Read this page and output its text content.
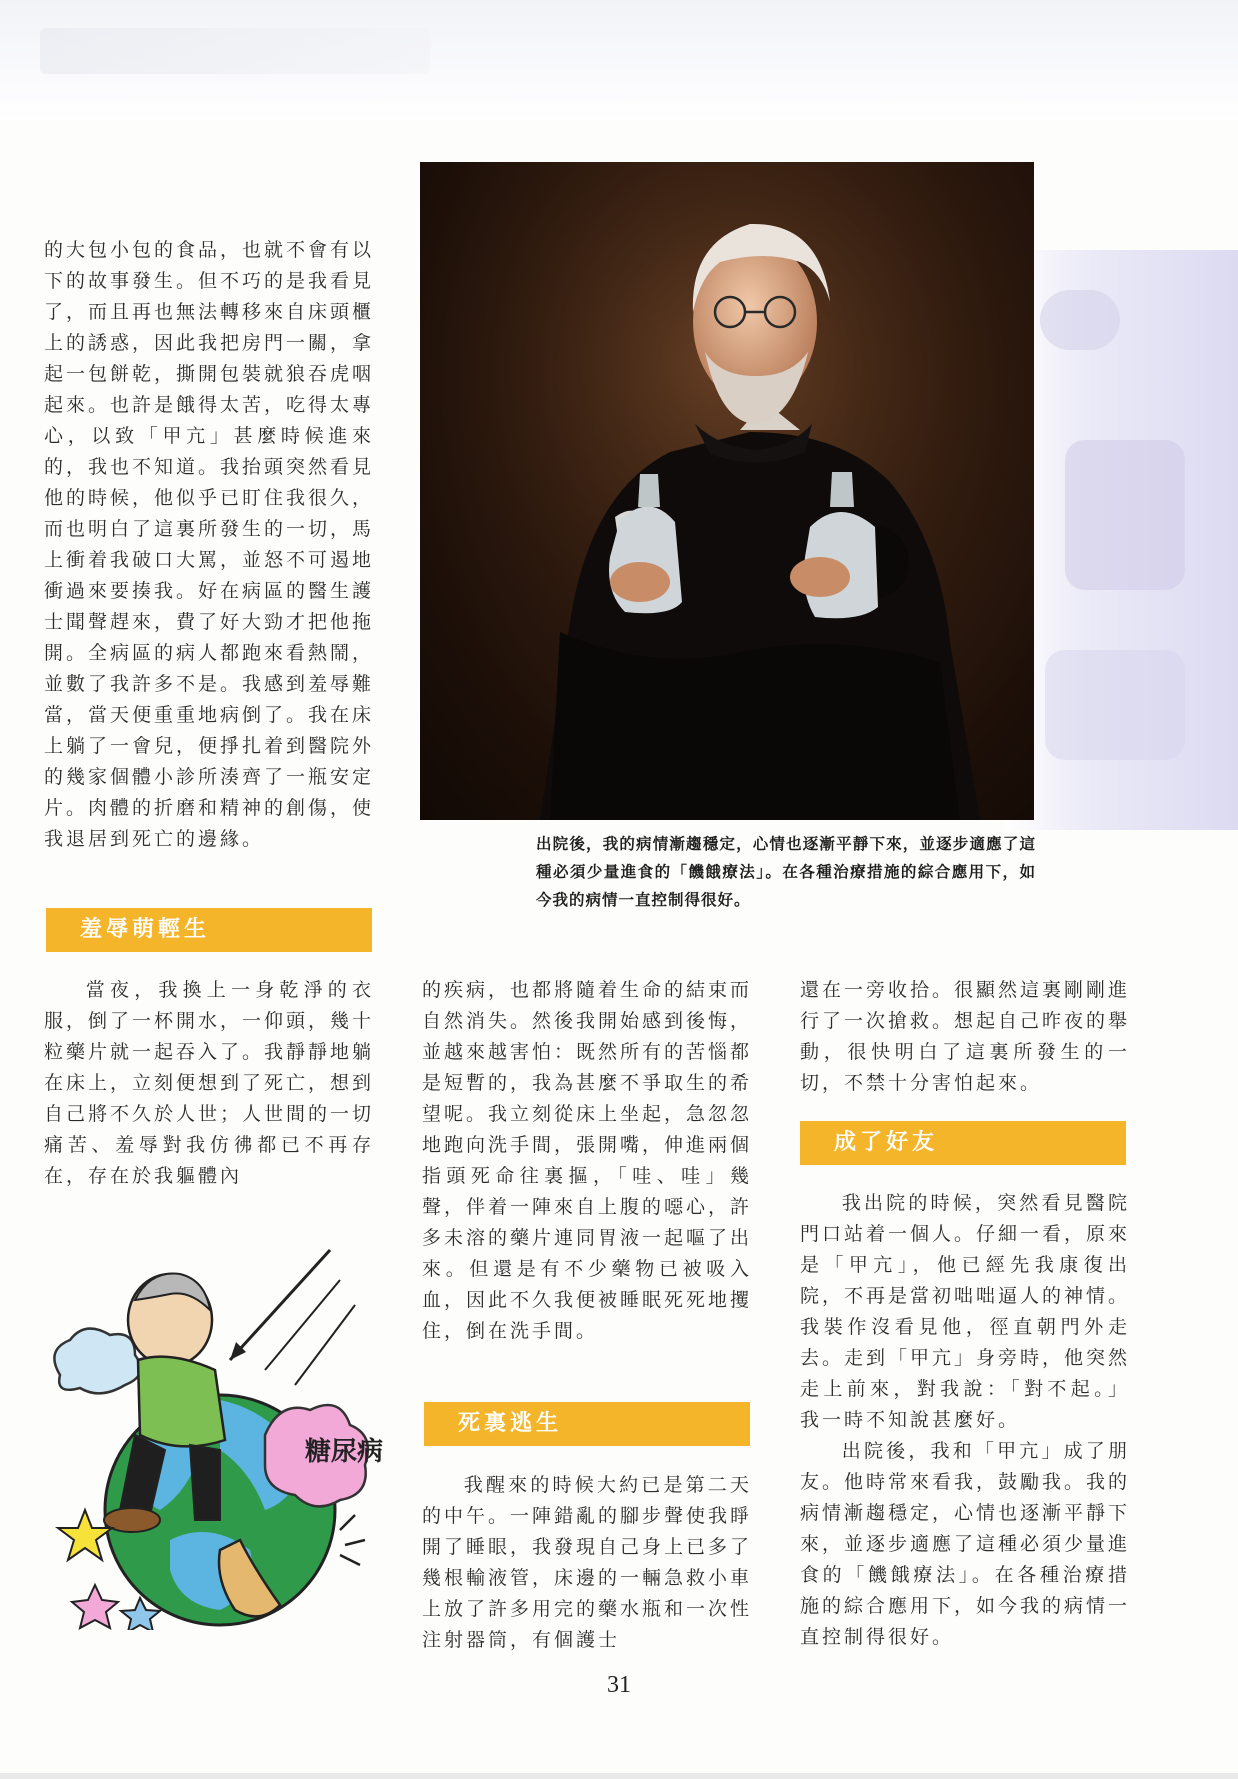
的大包小包的食品，也就不會有以下的故事發生。但不巧的是我看見了，而且再也無法轉移來自床頭櫃上的誘惑，因此我把房門一關，拿起一包餅乾，撕開包裝就狼吞虎咽起來。也許是餓得太苦，吃得太專心，以致「甲亢」甚麼時候進來的，我也不知道。我抬頭突然看見他的時候，他似乎已盯住我很久，而也明白了這裏所發生的一切，馬上衝着我破口大罵，並怒不可遏地衝過來要揍我。好在病區的醫生護士聞聲趕來，費了好大勁才把他拖開。全病區的病人都跑來看熱鬧，並數了我許多不是。我感到羞辱難當，當天便重重地病倒了。我在床上躺了一會兒，便掙扎着到醫院外的幾家個體小診所湊齊了一瓶安定片。肉體的折磨和精神的創傷，使我退居到死亡的邊緣。	出院後，我的病情漸趨穩定，心情也逐漸平靜下來，並逐步適應了這種必須少量進食的「饑餓療法」。在各種治療措施的綜合應用下，如今我的病情一直控制得很好。
羞辱萌輕生

當夜，我換上一身乾淨的衣服，倒了一杯開水，一仰頭，幾十粒藥片就一起吞入了。我靜靜地躺在床上，立刻便想到了死亡，想到自己將不久於人世；人世間的一切痛苦、羞辱對我仿彿都已不再存在，存在於我軀體內

的疾病，也都將隨着生命的結束而自然消失。然後我開始感到後悔，並越來越害怕：既然所有的苦惱都是短暫的，我為甚麼不爭取生的希望呢。我立刻從床上坐起，急忽忽地跑向洗手間，張開嘴，伸進兩個指頭死命往裏摳，「哇、哇」幾聲，伴着一陣來自上腹的噁心，許多未溶的藥片連同胃液一起嘔了出來。但還是有不少藥物已被吸入血，因此不久我便被睡眠死死地攫住，倒在洗手間。

死裏逃生

我醒來的時候大約已是第二天的中午。一陣錯亂的腳步聲使我睜開了睡眼，我發現自己身上已多了幾根輸液管，床邊的一輛急救小車上放了許多用完的藥水瓶和一次性注射器筒，有個護士

還在一旁收拾。很顯然這裏剛剛進行了一次搶救。想起自己昨夜的舉動，很快明白了這裏所發生的一切，不禁十分害怕起來。

成了好友

我出院的時候，突然看見醫院門口站着一個人。仔細一看，原來是「甲亢」，他已經先我康復出院，不再是當初咄咄逼人的神情。我裝作沒看見他，徑直朝門外走去。走到「甲亢」身旁時，他突然走上前來，對我說：「對不起。」我一時不知說甚麼好。

出院後，我和「甲亢」成了朋友。他時常來看我，鼓勵我。我的病情漸趨穩定，心情也逐漸平靜下來，並逐步適應了這種必須少量進食的「饑餓療法」。在各種治療措施的綜合應用下，如今我的病情一直控制得很好。

糖尿病
31
